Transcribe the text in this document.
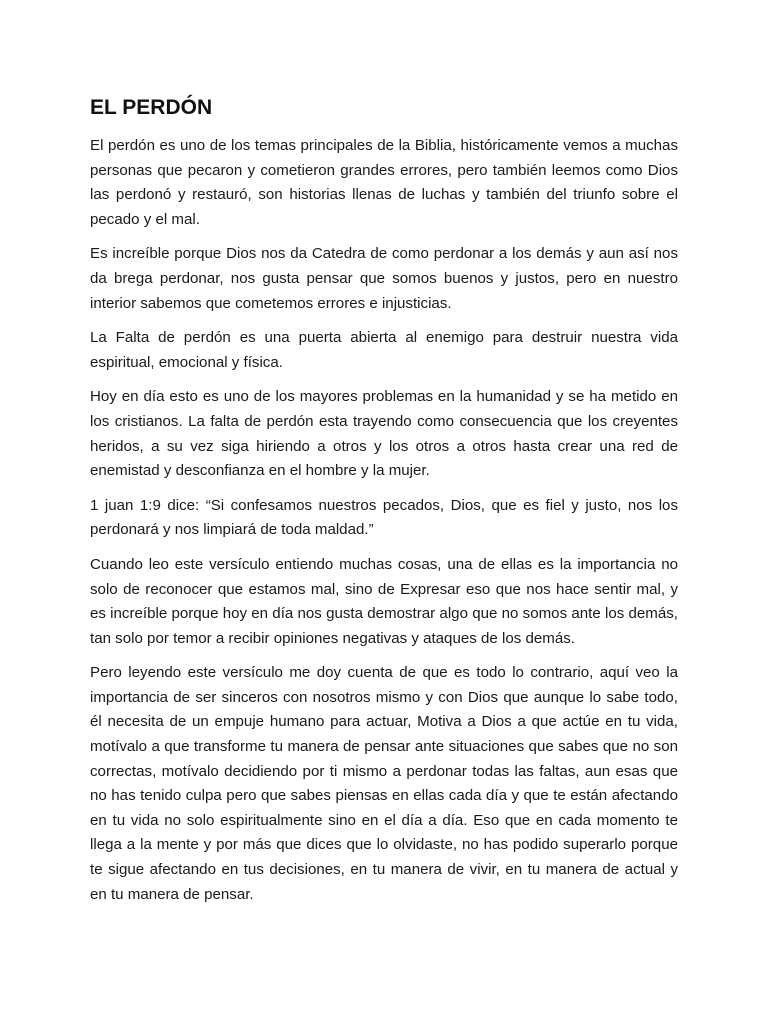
EL PERDÓN

El perdón es uno de los temas principales de la Biblia, históricamente vemos a muchas personas que pecaron y cometieron grandes errores, pero también leemos como Dios las perdonó y restauró, son historias llenas de luchas y también del triunfo sobre el pecado y el mal.

Es increíble porque Dios nos da Catedra de como perdonar a los demás y aun así nos da brega perdonar, nos gusta pensar que somos buenos y justos, pero en nuestro interior sabemos que cometemos errores e injusticias.

La Falta de perdón es una puerta abierta al enemigo para destruir nuestra vida espiritual, emocional y física.

Hoy en día esto es uno de los mayores problemas en la humanidad y se ha metido en los cristianos. La falta de perdón esta trayendo como consecuencia que los creyentes heridos, a su vez siga hiriendo a otros y los otros a otros hasta crear una red de enemistad y desconfianza en el hombre y la mujer.

1 juan 1:9 dice: “Si confesamos nuestros pecados, Dios, que es fiel y justo, nos los perdonará y nos limpiará de toda maldad.”

Cuando leo este versículo entiendo muchas cosas, una de ellas es la importancia no solo de reconocer que estamos mal, sino de Expresar eso que nos hace sentir mal, y es increíble porque hoy en día nos gusta demostrar algo que no somos ante los demás, tan solo por temor a recibir opiniones negativas y ataques de los demás.

Pero leyendo este versículo me doy cuenta de que es todo lo contrario, aquí veo la importancia de ser sinceros con nosotros mismo y con Dios que aunque lo sabe todo, él necesita de un empuje humano para actuar, Motiva a Dios a que actúe en tu vida, motívalo a que transforme tu manera de pensar ante situaciones que sabes que no son correctas, motívalo decidiendo por ti mismo a perdonar todas las faltas, aun esas que no has tenido culpa pero que sabes piensas en ellas cada día y que te están afectando en tu vida no solo espiritualmente sino en el día a día. Eso que en cada momento te llega a la mente y por más que dices que lo olvidaste, no has podido superarlo porque te sigue afectando en tus decisiones, en tu manera de vivir, en tu manera de actual y en tu manera de pensar.
